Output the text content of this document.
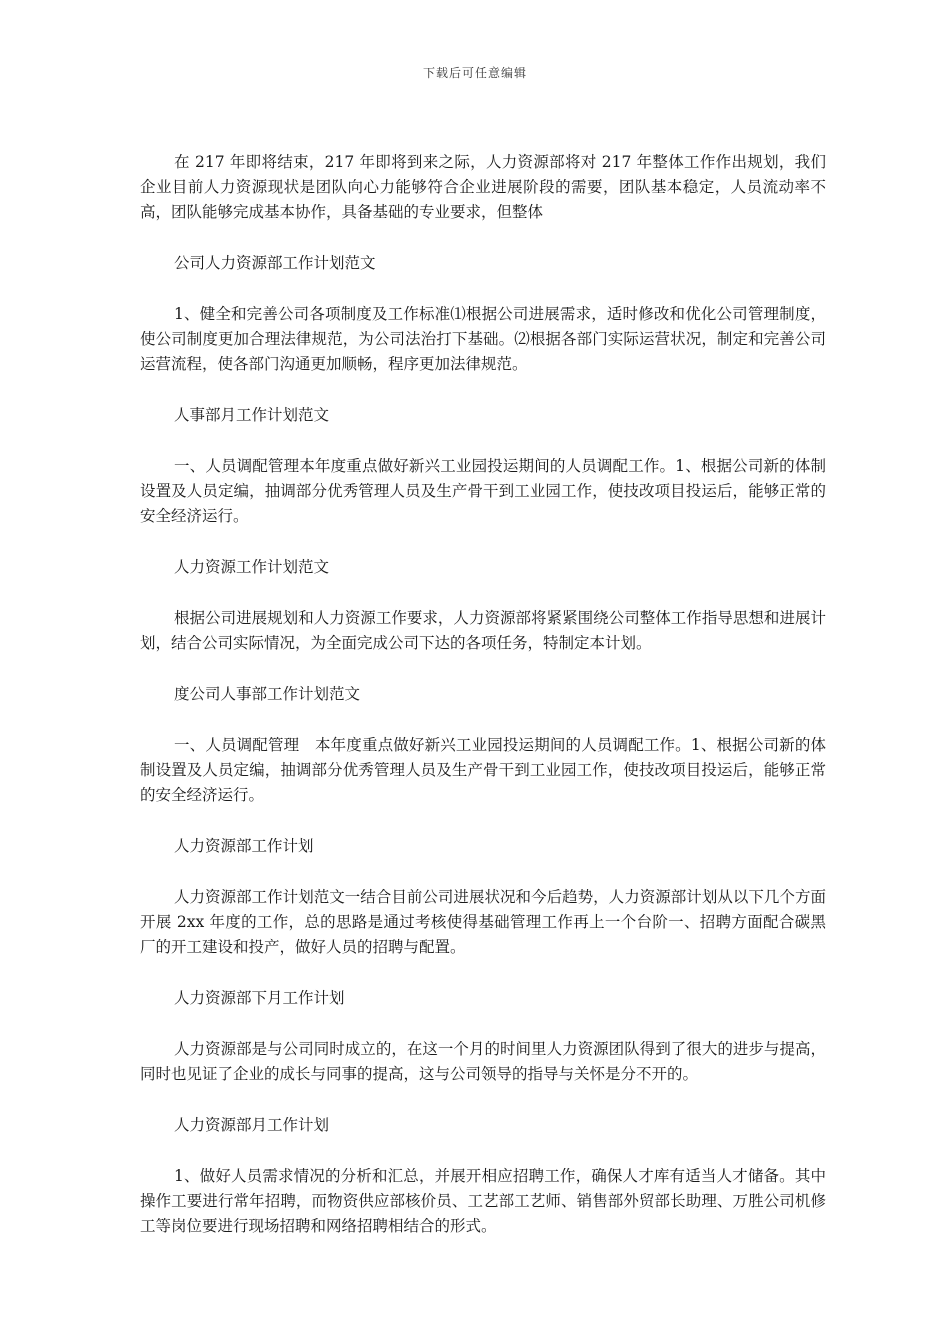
下载后可任意编辑

在 217 年即将结束，217 年即将到来之际，人力资源部将对 217 年整体工作作出规划，我们企业目前人力资源现状是团队向心力能够符合企业进展阶段的需要，团队基本稳定，人员流动率不高，团队能够完成基本协作，具备基础的专业要求，但整体

公司人力资源部工作计划范文

1、健全和完善公司各项制度及工作标准⑴根据公司进展需求，适时修改和优化公司管理制度，使公司制度更加合理法律规范，为公司法治打下基础。⑵根据各部门实际运营状况，制定和完善公司运营流程，使各部门沟通更加顺畅，程序更加法律规范。

人事部月工作计划范文

一、人员调配管理本年度重点做好新兴工业园投运期间的人员调配工作。1、根据公司新的体制设置及人员定编，抽调部分优秀管理人员及生产骨干到工业园工作，使技改项目投运后，能够正常的安全经济运行。

人力资源工作计划范文

根据公司进展规划和人力资源工作要求，人力资源部将紧紧围绕公司整体工作指导思想和进展计划，结合公司实际情况，为全面完成公司下达的各项任务，特制定本计划。

度公司人事部工作计划范文

一、人员调配管理　本年度重点做好新兴工业园投运期间的人员调配工作。1、根据公司新的体制设置及人员定编，抽调部分优秀管理人员及生产骨干到工业园工作，使技改项目投运后，能够正常的安全经济运行。

人力资源部工作计划

人力资源部工作计划范文一结合目前公司进展状况和今后趋势，人力资源部计划从以下几个方面开展 2xx 年度的工作，总的思路是通过考核使得基础管理工作再上一个台阶一、招聘方面配合碳黑厂的开工建设和投产，做好人员的招聘与配置。

人力资源部下月工作计划

人力资源部是与公司同时成立的，在这一个月的时间里人力资源团队得到了很大的进步与提高，同时也见证了企业的成长与同事的提高，这与公司领导的指导与关怀是分不开的。

人力资源部月工作计划

1、做好人员需求情况的分析和汇总，并展开相应招聘工作，确保人才库有适当人才储备。其中操作工要进行常年招聘，而物资供应部核价员、工艺部工艺师、销售部外贸部长助理、万胜公司机修工等岗位要进行现场招聘和网络招聘相结合的形式。
